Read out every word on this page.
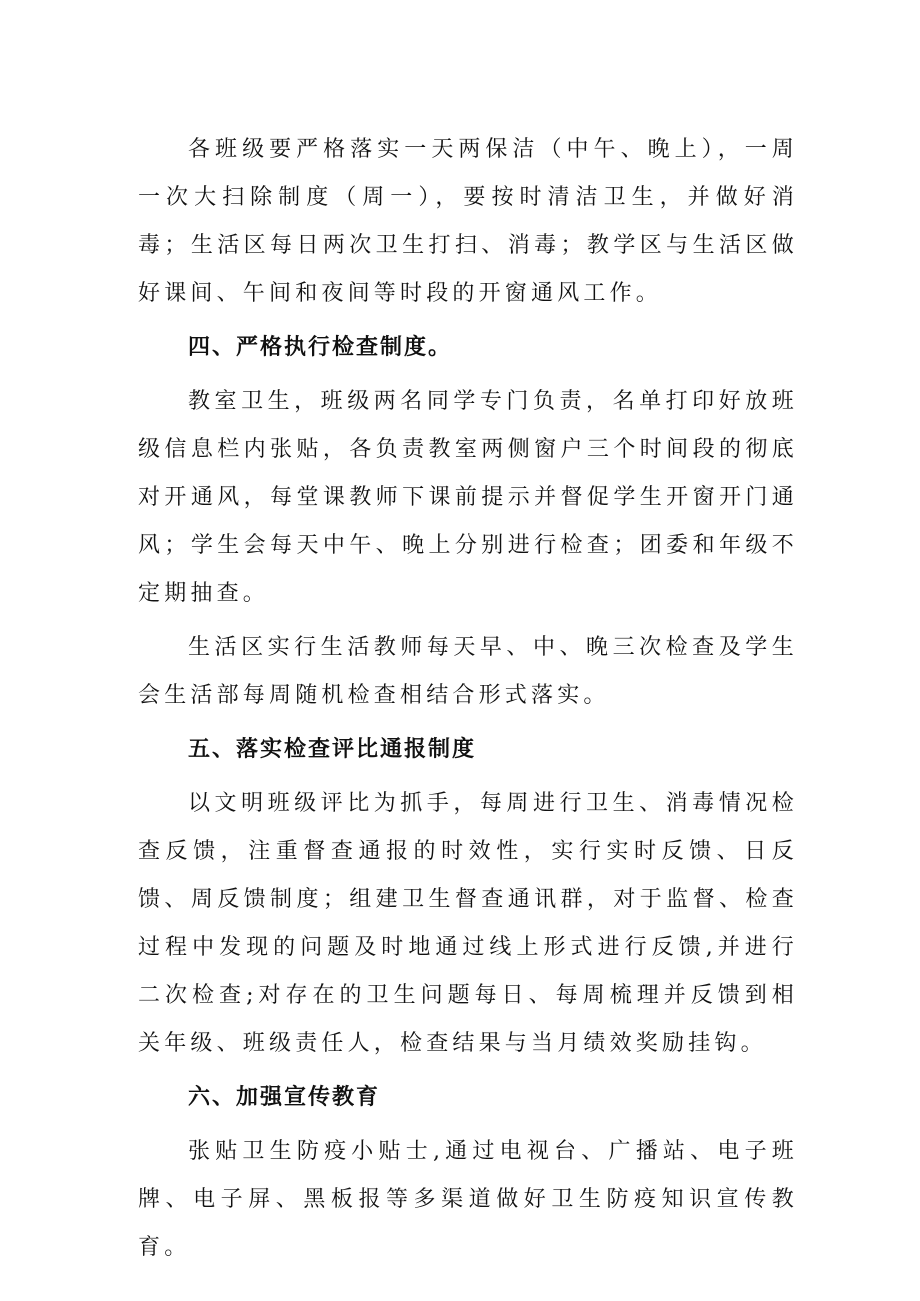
各班级要严格落实一天两保洁（中午、晚上），一周一次大扫除制度（周一），要按时清洁卫生，并做好消毒；生活区每日两次卫生打扫、消毒；教学区与生活区做好课间、午间和夜间等时段的开窗通风工作。

四、严格执行检查制度。

教室卫生，班级两名同学专门负责，名单打印好放班级信息栏内张贴，各负责教室两侧窗户三个时间段的彻底对开通风，每堂课教师下课前提示并督促学生开窗开门通风；学生会每天中午、晚上分别进行检查；团委和年级不定期抽查。

生活区实行生活教师每天早、中、晚三次检查及学生会生活部每周随机检查相结合形式落实。

五、落实检查评比通报制度

以文明班级评比为抓手，每周进行卫生、消毒情况检查反馈，注重督查通报的时效性，实行实时反馈、日反馈、周反馈制度；组建卫生督查通讯群，对于监督、检查过程中发现的问题及时地通过线上形式进行反馈,并进行二次检查;对存在的卫生问题每日、每周梳理并反馈到相关年级、班级责任人，检查结果与当月绩效奖励挂钩。

六、加强宣传教育

张贴卫生防疫小贴士,通过电视台、广播站、电子班牌、电子屏、黑板报等多渠道做好卫生防疫知识宣传教育。
